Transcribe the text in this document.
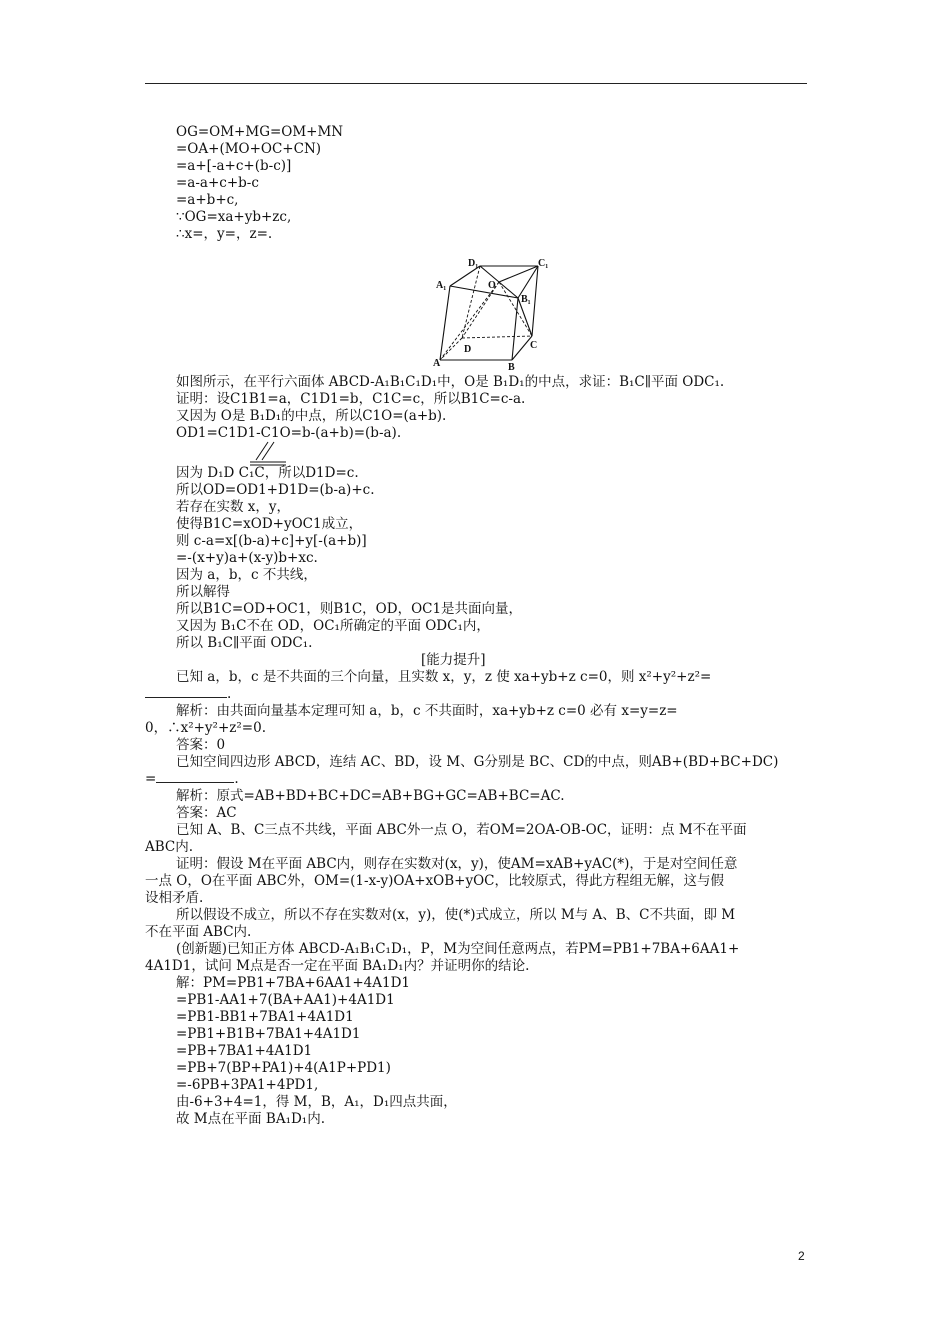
OG=OM+MG=OM+MN
=OA+(MO+OC+CN)
=a+[-a+c+(b-c)]
=a-a+c+b-c
=a+b+c,
∵OG=xa+yb+zc,
∴x=，y=，z=.
D₁	C₁
A₁
B₁
O
A
D
B
C
如图所示，在平行六面体 ABCD-A₁B₁C₁D₁中，O是 B₁D₁的中点，求证：B₁C∥平面 ODC₁.
证明：设C1B1=a，C1D1=b，C1C=c，所以B1C=c-a.
又因为 O是 B₁D₁的中点，所以C1O=(a+b).
OD1=C1D1-C1O=b-(a+b)=(b-a).
因为 D₁D C₁C，所以D1D=c.
所以OD=OD1+D1D=(b-a)+c.
若存在实数 x，y，
使得B1C=xOD+yOC1成立，
则 c-a=x[(b-a)+c]+y[-(a+b)]
=-(x+y)a+(x-y)b+xc.
因为 a，b，c 不共线，
所以解得
所以B1C=OD+OC1，则B1C，OD，OC1是共面向量，
又因为 B₁C不在 OD，OC₁所确定的平面 ODC₁内，
所以 B₁C∥平面 ODC₁.
[能力提升]
已知 a，b，c 是不共面的三个向量，且实数 x，y，z 使 xa+yb+z c=0，则 x²+y²+z²=
.
解析：由共面向量基本定理可知 a，b，c 不共面时，xa+yb+z c=0 必有 x=y=z=
0，∴x²+y²+z²=0.
答案：0
已知空间四边形 ABCD，连结 AC、BD，设 M、G分别是 BC、CD的中点，则AB+(BD+BC+DC)
=	.
解析：原式=AB+BD+BC+DC=AB+BG+GC=AB+BC=AC.
答案：AC
已知 A、B、C三点不共线，平面 ABC外一点 O，若OM=2OA-OB-OC，证明：点 M不在平面
ABC内.
证明：假设 M在平面 ABC内，则存在实数对(x，y)，使AM=xAB+yAC(*)，于是对空间任意
一点 O，O在平面 ABC外，OM=(1-x-y)OA+xOB+yOC，比较原式，得此方程组无解，这与假
设相矛盾.
所以假设不成立，所以不存在实数对(x，y)，使(*)式成立，所以 M与 A、B、C不共面，即 M
不在平面 ABC内.
(创新题)已知正方体 ABCD-A₁B₁C₁D₁，P，M为空间任意两点，若PM=PB1+7BA+6AA1+
4A1D1，试问 M点是否一定在平面 BA₁D₁内？并证明你的结论.
解：PM=PB1+7BA+6AA1+4A1D1
=PB1-AA1+7(BA+AA1)+4A1D1
=PB1-BB1+7BA1+4A1D1
=PB1+B1B+7BA1+4A1D1
=PB+7BA1+4A1D1
=PB+7(BP+PA1)+4(A1P+PD1)
=-6PB+3PA1+4PD1,
由-6+3+4=1，得 M，B，A₁，D₁四点共面，
故 M点在平面 BA₁D₁内.
2
